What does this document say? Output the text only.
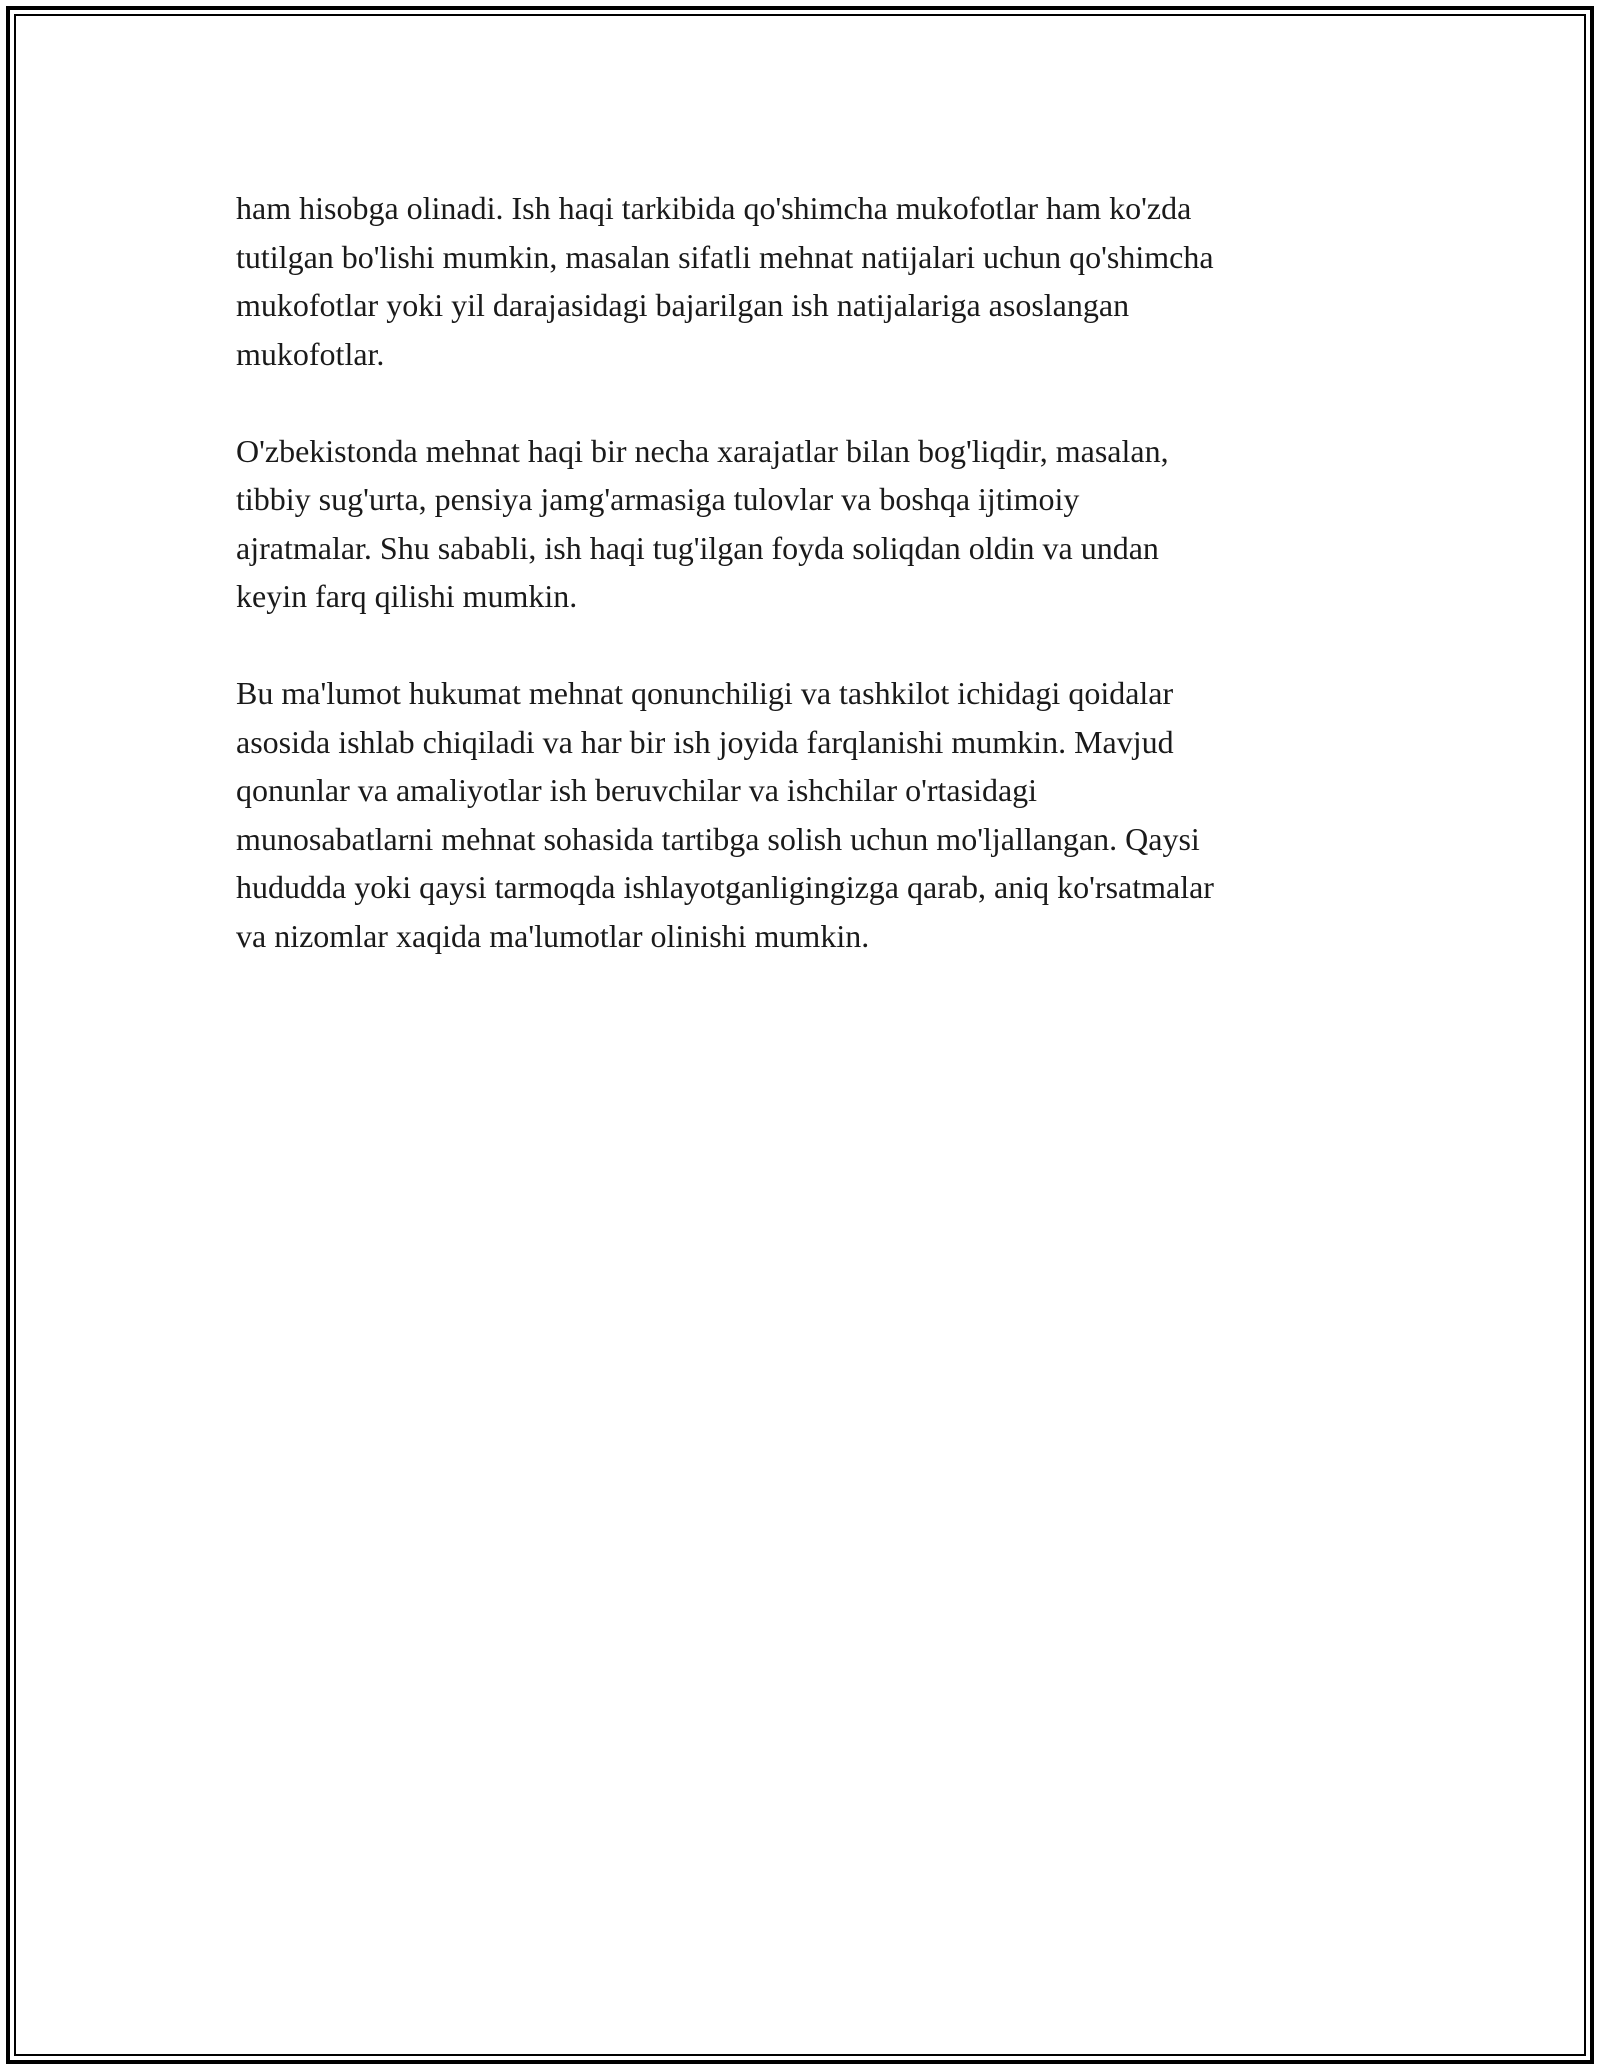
ham hisobga olinadi. Ish haqi tarkibida qo'shimcha mukofotlar ham ko'zda
tutilgan bo'lishi mumkin, masalan sifatli mehnat natijalari uchun qo'shimcha
mukofotlar yoki yil darajasidagi bajarilgan ish natijalariga asoslangan
mukofotlar.

O'zbekistonda mehnat haqi bir necha xarajatlar bilan bog'liqdir, masalan,
tibbiy sug'urta, pensiya jamg'armasiga tulovlar va boshqa ijtimoiy
ajratmalar. Shu sababli, ish haqi tug'ilgan foyda soliqdan oldin va undan
keyin farq qilishi mumkin.

Bu ma'lumot hukumat mehnat qonunchiligi va tashkilot ichidagi qoidalar
asosida ishlab chiqiladi va har bir ish joyida farqlanishi mumkin. Mavjud
qonunlar va amaliyotlar ish beruvchilar va ishchilar o'rtasidagi
munosabatlarni mehnat sohasida tartibga solish uchun mo'ljallangan. Qaysi
hududda yoki qaysi tarmoqda ishlayotganligingizga qarab, aniq ko'rsatmalar
va nizomlar xaqida ma'lumotlar olinishi mumkin.
